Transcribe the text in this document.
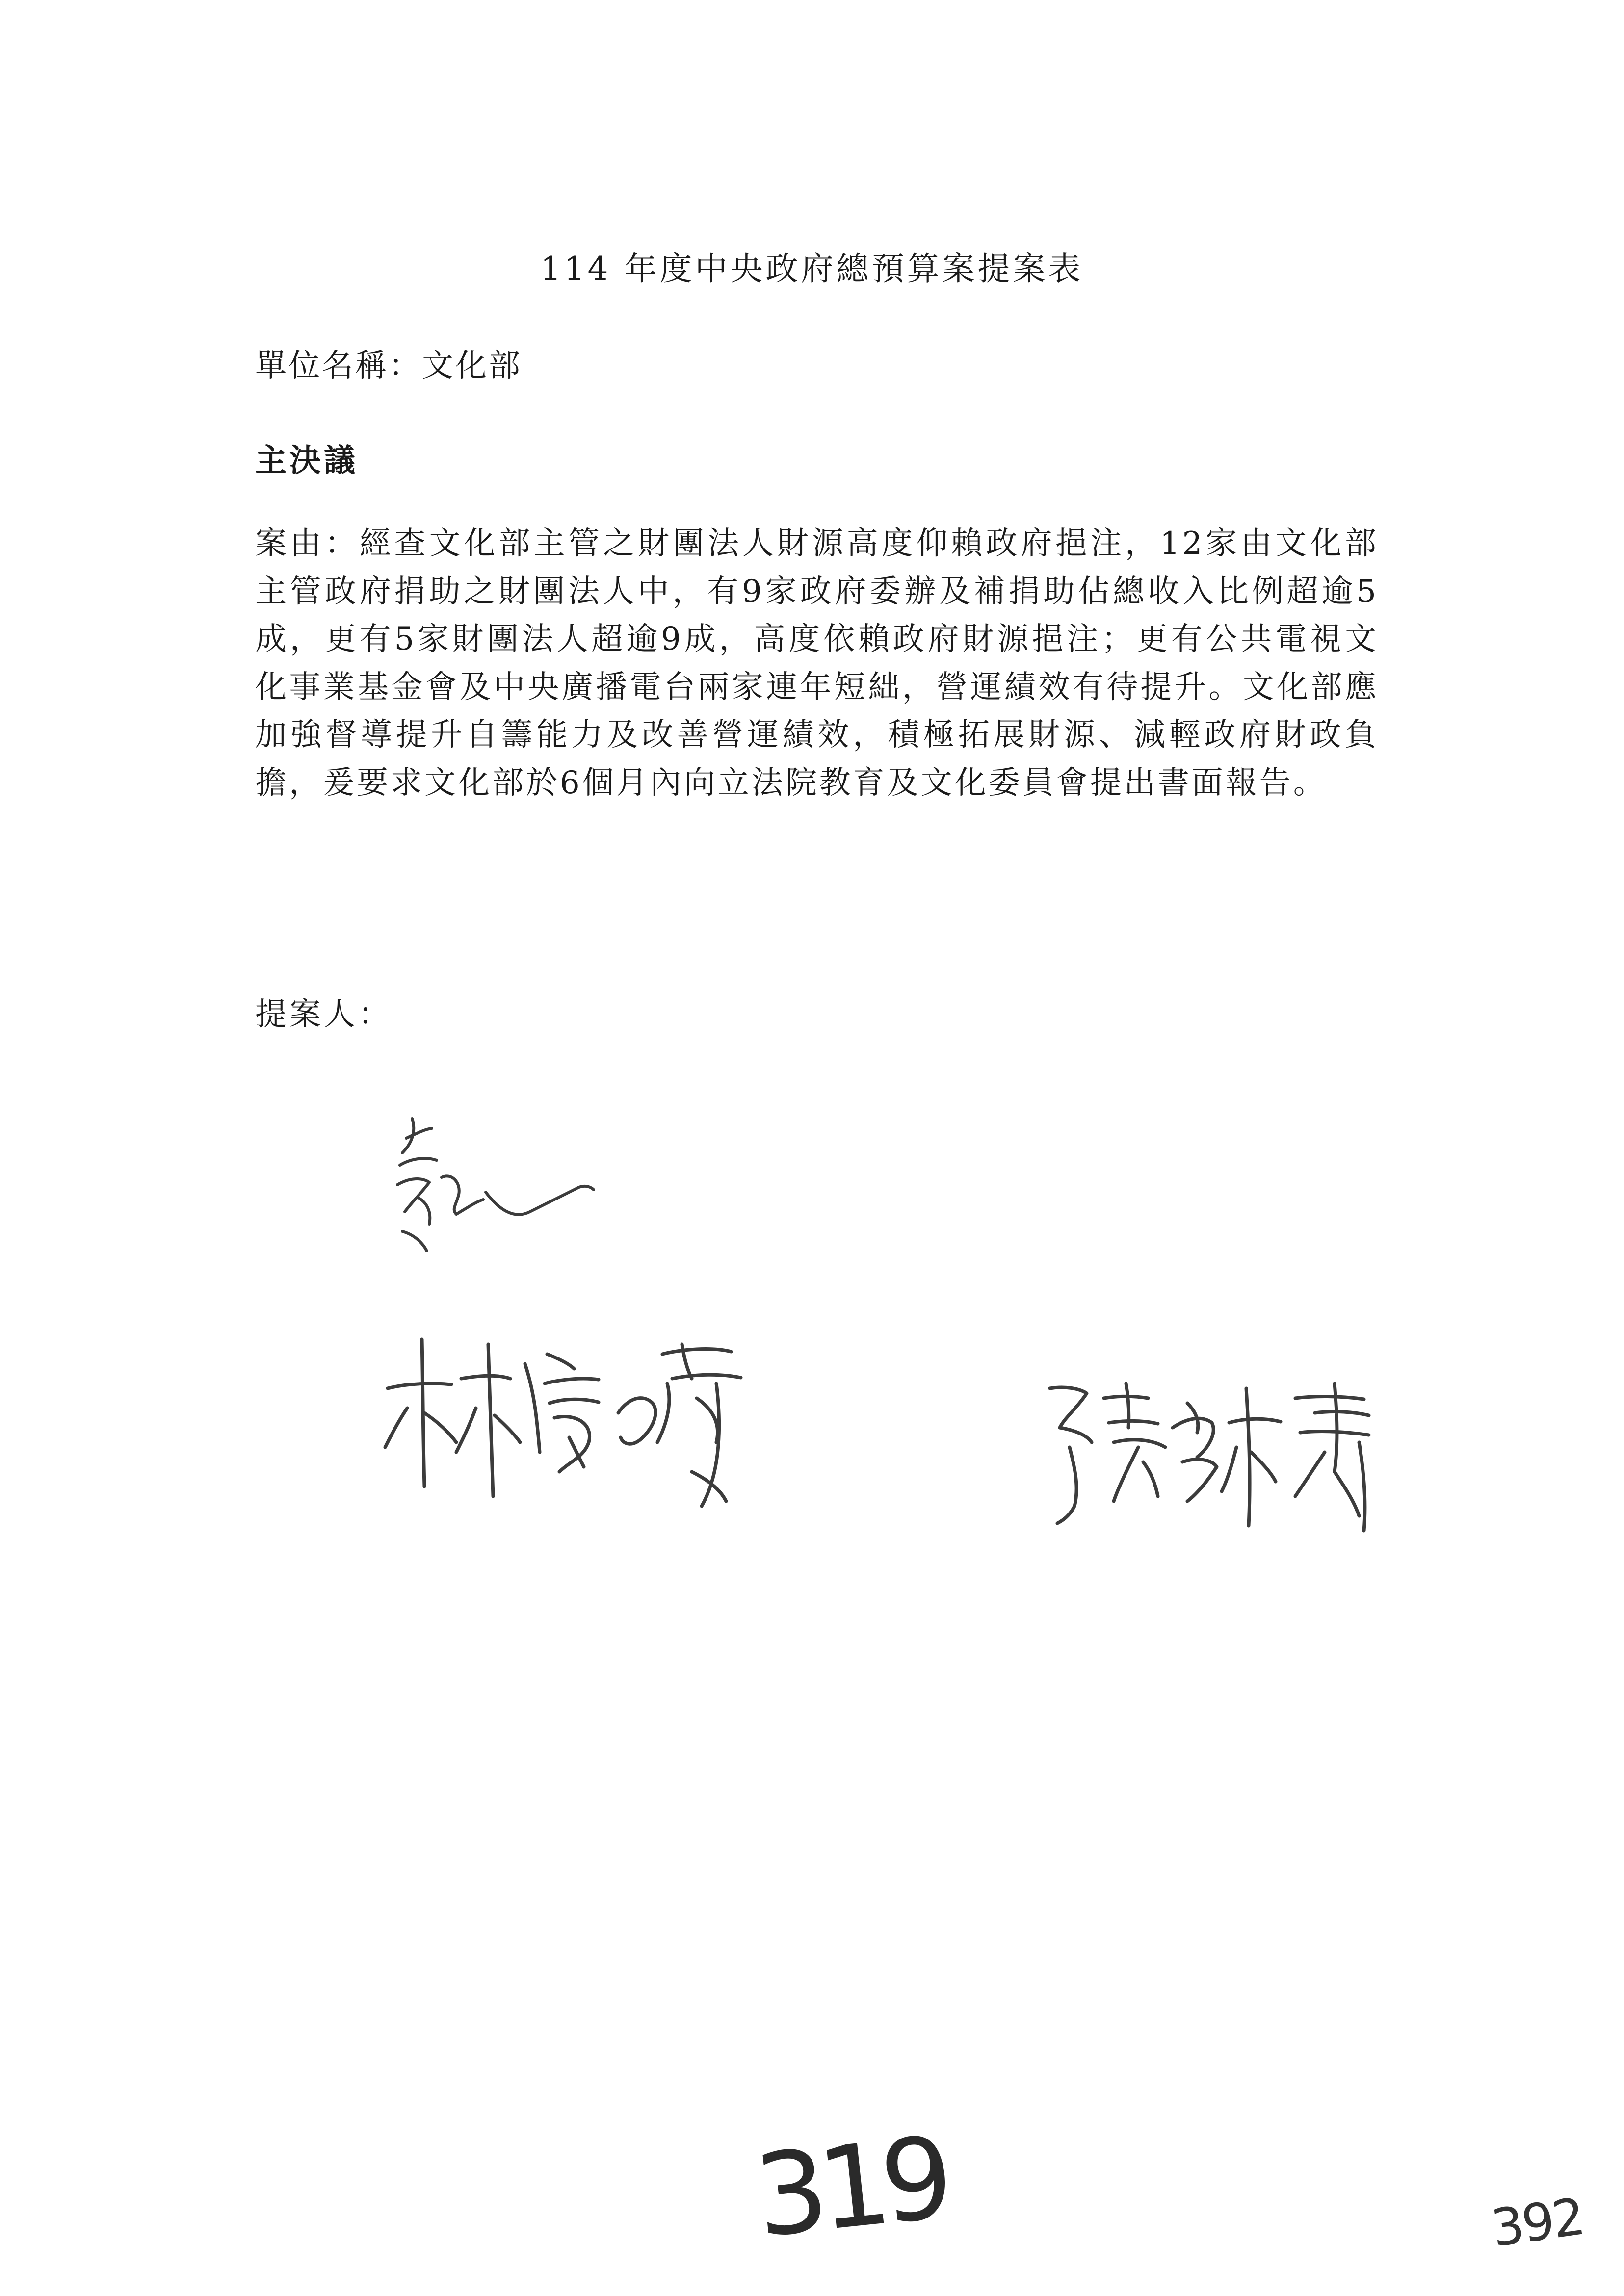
114 年度中央政府總預算案提案表
單位名稱：文化部
主決議
案由：經查文化部主管之財團法人財源高度仰賴政府挹注，12家由文化部主管政府捐助之財團法人中，有9家政府委辦及補捐助佔總收入比例超逾5成，更有5家財團法人超逾9成，高度依賴政府財源挹注；更有公共電視文化事業基金會及中央廣播電台兩家連年短絀，營運績效有待提升。文化部應加強督導提升自籌能力及改善營運績效，積極拓展財源、減輕政府財政負擔，爰要求文化部於6個月內向立法院教育及文化委員會提出書面報告。
提案人：
319	392
